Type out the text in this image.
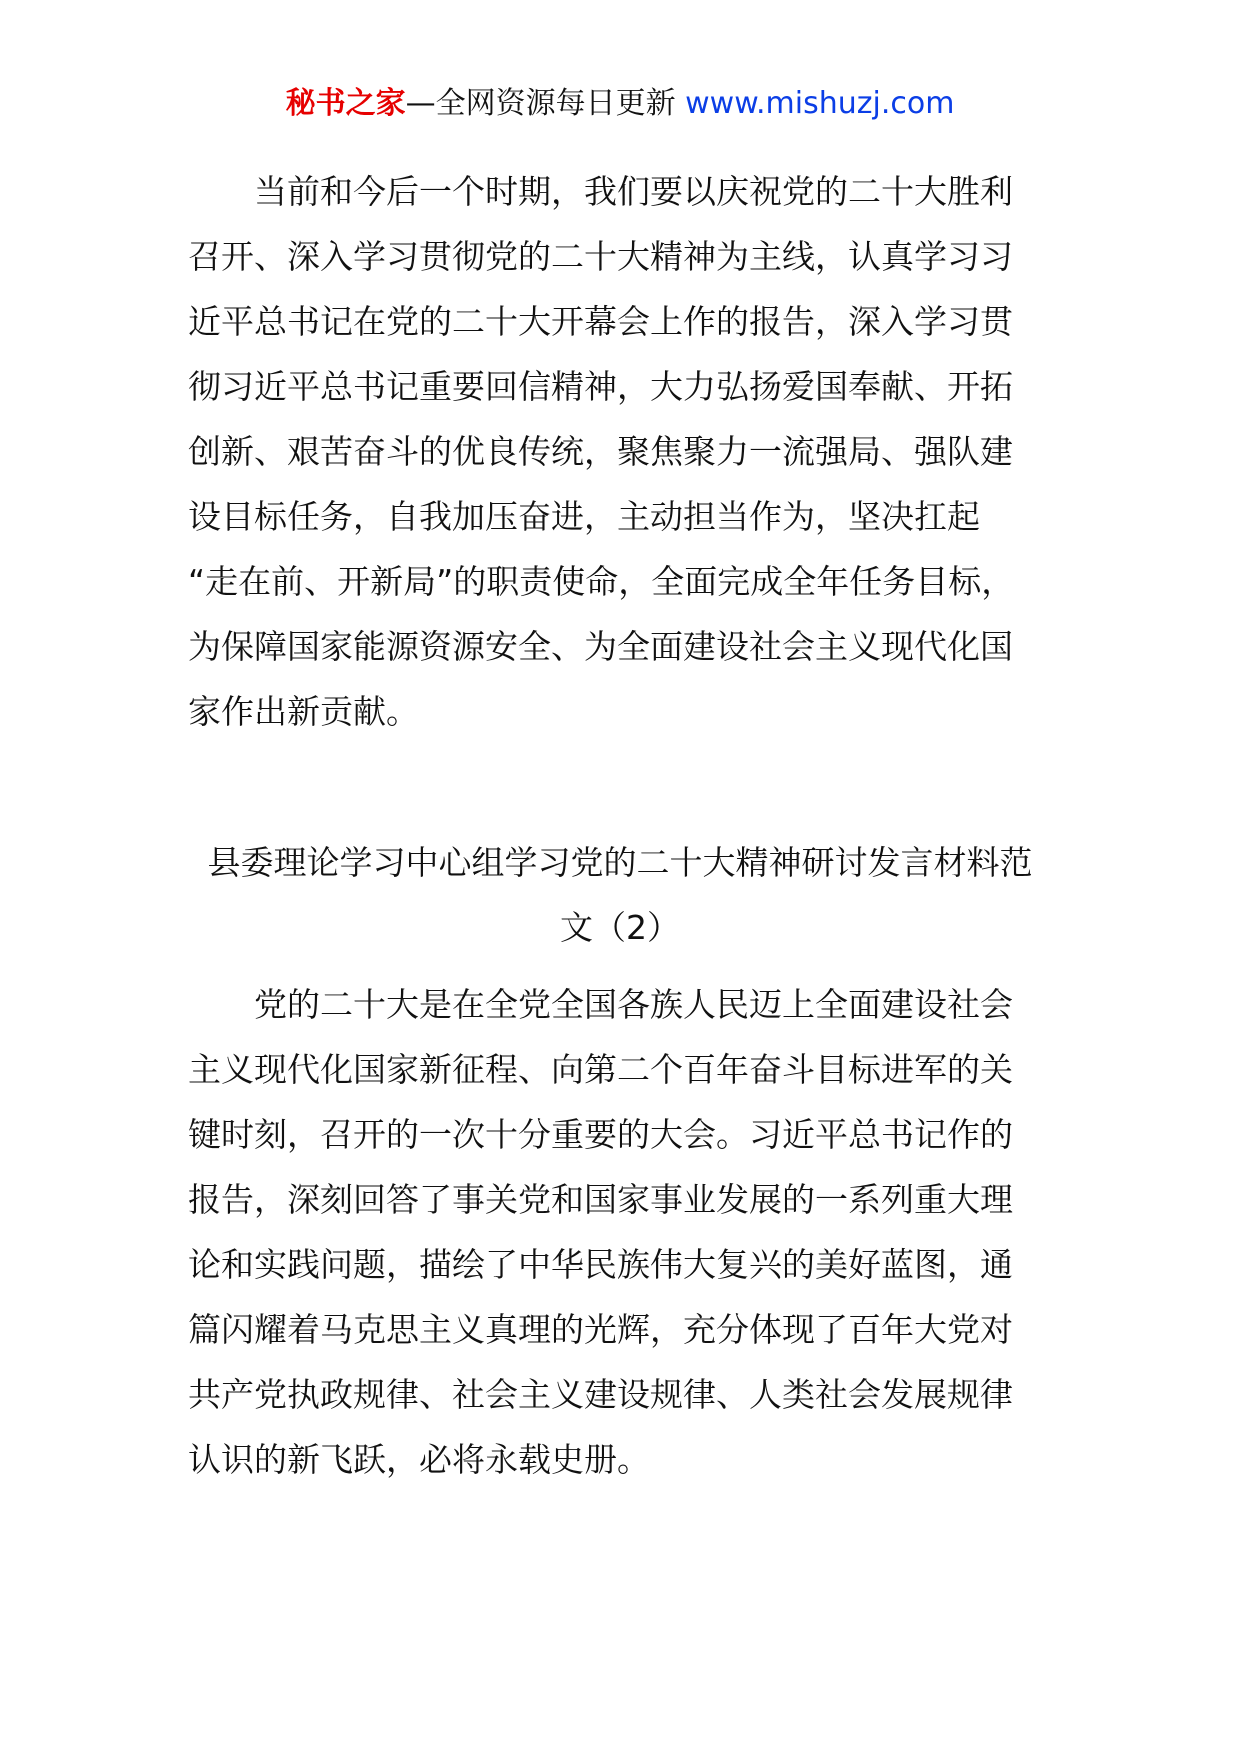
秘书之家—全网资源每日更新 www.mishuzj.com

当前和今后一个时期，我们要以庆祝党的二十大胜利
召开、深入学习贯彻党的二十大精神为主线，认真学习习
近平总书记在党的二十大开幕会上作的报告，深入学习贯
彻习近平总书记重要回信精神，大力弘扬爱国奉献、开拓
创新、艰苦奋斗的优良传统，聚焦聚力一流强局、强队建
设目标任务，自我加压奋进，主动担当作为，坚决扛起
“走在前、开新局”的职责使命，全面完成全年任务目标，
为保障国家能源资源安全、为全面建设社会主义现代化国
家作出新贡献。

县委理论学习中心组学习党的二十大精神研讨发言材料范
文（2）

党的二十大是在全党全国各族人民迈上全面建设社会
主义现代化国家新征程、向第二个百年奋斗目标进军的关
键时刻，召开的一次十分重要的大会。习近平总书记作的
报告，深刻回答了事关党和国家事业发展的一系列重大理
论和实践问题，描绘了中华民族伟大复兴的美好蓝图，通
篇闪耀着马克思主义真理的光辉，充分体现了百年大党对
共产党执政规律、社会主义建设规律、人类社会发展规律
认识的新飞跃，必将永载史册。
